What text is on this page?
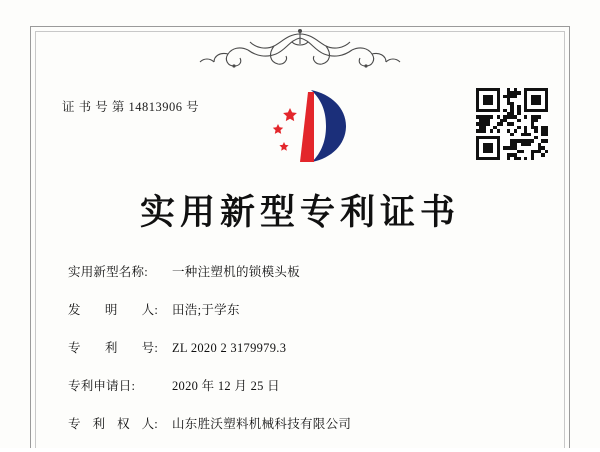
证 书 号 第 14813906 号
实用新型专利证书
实用新型名称:	一种注塑机的锁模头板
发 明 人: 田浩;于学东
专 利 号: ZL 2020 2 3179979.3
专利申请日:	2020 年 12 月 25 日
专 利 权 人: 山东胜沃塑料机械科技有限公司
